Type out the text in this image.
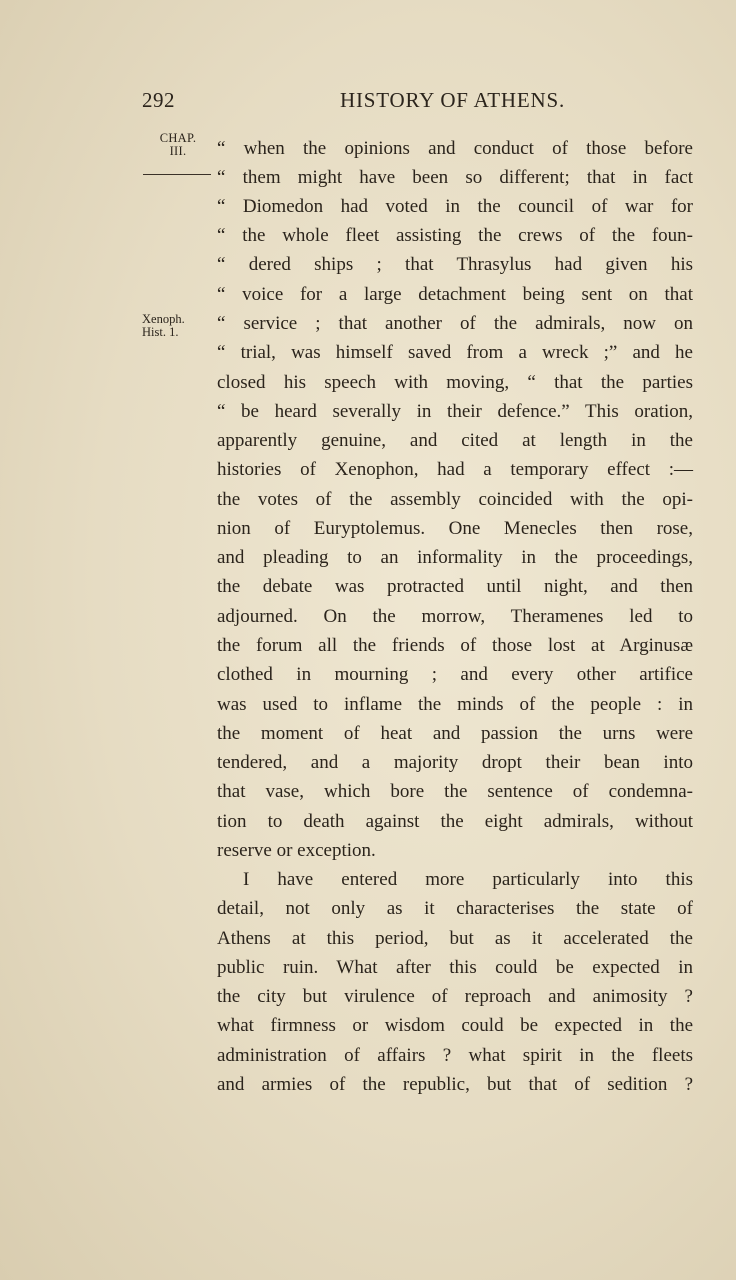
292	HISTORY OF ATHENS.
CHAP.
III.
Xenoph.
Hist. 1.
“ when the opinions and conduct of those before
“ them might have been so different; that in fact
“ Diomedon had voted in the council of war for
“ the whole fleet assisting the crews of the foun-
“ dered ships ; that Thrasylus had given his
“ voice for a large detachment being sent on that
“ service ; that another of the admirals, now on
“ trial, was himself saved from a wreck ;” and he
closed his speech with moving, “ that the parties
“ be heard severally in their defence.” This oration,
apparently genuine, and cited at length in the
histories of Xenophon, had a temporary effect :—
the votes of the assembly coincided with the opi-
nion of Euryptolemus. One Menecles then rose,
and pleading to an informality in the proceedings,
the debate was protracted until night, and then
adjourned. On the morrow, Theramenes led to
the forum all the friends of those lost at Arginusæ
clothed in mourning ; and every other artifice
was used to inflame the minds of the people : in
the moment of heat and passion the urns were
tendered, and a majority dropt their bean into
that vase, which bore the sentence of condemna-
tion to death against the eight admirals, without
reserve or exception.
I have entered more particularly into this
detail, not only as it characterises the state of
Athens at this period, but as it accelerated the
public ruin. What after this could be expected in
the city but virulence of reproach and animosity ?
what firmness or wisdom could be expected in the
administration of affairs ? what spirit in the fleets
and armies of the republic, but that of sedition ?
